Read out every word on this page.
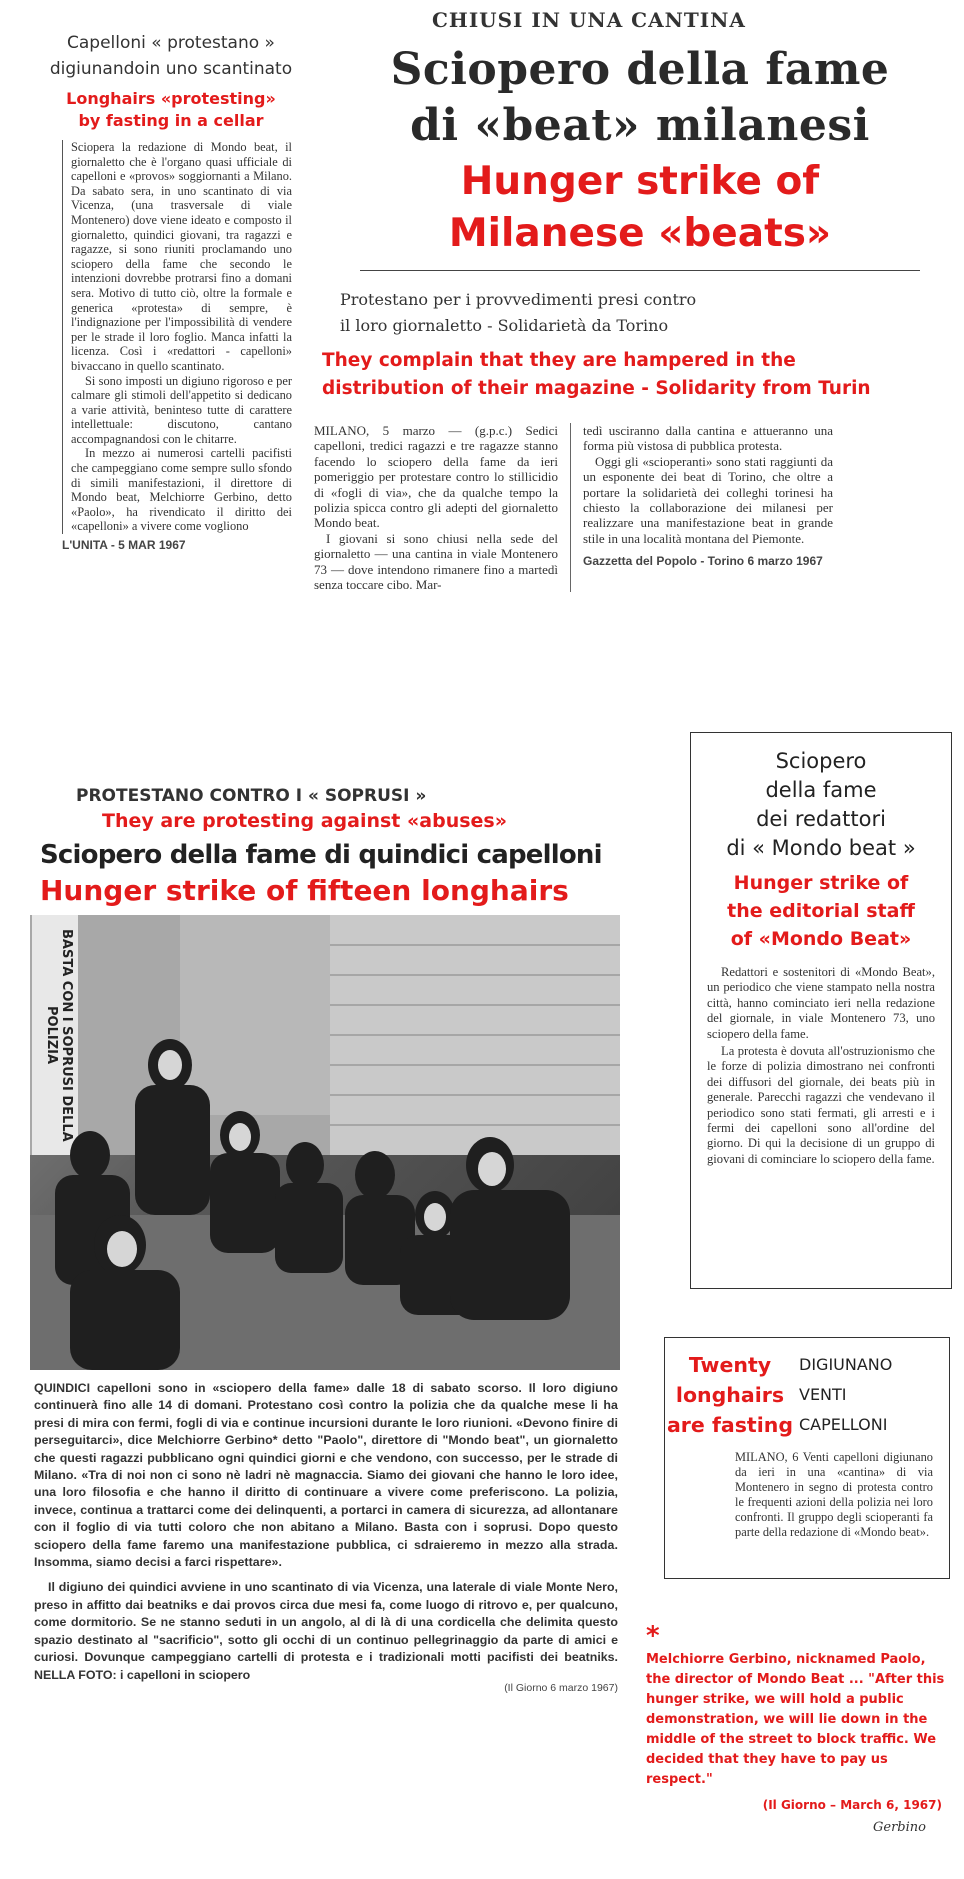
Capelloni « protestano »
digiunandoin uno scantinato
Longhairs «protesting»
by fasting in a cellar

Sciopera la redazione di Mondo beat, il giornaletto che è l'organo quasi ufficiale di capelloni e «provos» soggiornanti a Milano. Da sabato sera, in uno scantinato di via Vicenza, (una trasversale di viale Montenero) dove viene ideato e composto il giornaletto, quindici giovani, tra ragazzi e ragazze, si sono riuniti proclamando uno sciopero della fame che secondo le intenzioni dovrebbe protrarsi fino a domani sera. Motivo di tutto ciò, oltre la formale e generica «protesta» di sempre, è l'indignazione per l'impossibilità di vendere per le strade il loro foglio. Manca infatti la licenza. Così i «redattori - capelloni» bivaccano in quello scantinato.

Si sono imposti un digiuno rigoroso e per calmare gli stimoli dell'appetito si dedicano a varie attività, beninteso tutte di carattere intellettuale: discutono, cantano accompagnandosi con le chitarre.

In mezzo ai numerosi cartelli pacifisti che campeggiano come sempre sullo sfondo di simili manifestazioni, il direttore di Mondo beat, Melchiorre Gerbino, detto «Paolo», ha rivendicato il diritto dei «capelloni» a vivere come vogliono

L'UNITA - 5 MAR 1967
CHIUSI IN UNA CANTINA
Sciopero della fame
di «beat» milanesi
Hunger strike of
Milanese «beats»
Protestano per i provvedimenti presi contro
il loro giornaletto - Solidarietà da Torino
They complain that they are hampered in the
distribution of their magazine - Solidarity from Turin

MILANO, 5 marzo — (g.p.c.) Sedici capelloni, tredici ragazzi e tre ragazze stanno facendo lo sciopero della fame da ieri pomeriggio per protestare contro lo stillicidio di «fogli di via», che da qualche tempo la polizia spicca contro gli adepti del giornaletto Mondo beat.

I giovani si sono chiusi nella sede del giornaletto — una cantina in viale Montenero 73 — dove intendono rimanere fino a martedì senza toccare cibo. Mar-

tedì usciranno dalla cantina e attueranno una forma più vistosa di pubblica protesta.

Oggi gli «scioperanti» sono stati raggiunti da un esponente dei beat di Torino, che oltre a portare la solidarietà dei colleghi torinesi ha chiesto la collaborazione dei milanesi per realizzare una manifestazione beat in grande stile in una località montana del Piemonte.

Gazzetta del Popolo - Torino 6 marzo 1967
PROTESTANO CONTRO I « SOPRUSI »
They are protesting against «abuses»
Sciopero della fame di quindici capelloni
Hunger strike of fifteen longhairs
BASTA CON I SOPRUSI DELLA POLIZIA

QUINDICI capelloni sono in «sciopero della fame» dalle 18 di sabato scorso. Il loro digiuno continuerà fino alle 14 di domani. Protestano così contro la polizia che da qualche mese li ha presi di mira con fermi, fogli di via e continue incursioni durante le loro riunioni. «Devono finire di perseguitarci», dice Melchiorre Gerbino* detto "Paolo", direttore di "Mondo beat", un giornaletto che questi ragazzi pubblicano ogni quindici giorni e che vendono, con successo, per le strade di Milano. «Tra di noi non ci sono nè ladri nè magnaccia. Siamo dei giovani che hanno le loro idee, una loro filosofia e che hanno il diritto di continuare a vivere come preferiscono. La polizia, invece, continua a trattarci come dei delinquenti, a portarci in camera di sicurezza, ad allontanare con il foglio di via tutti coloro che non abitano a Milano. Basta con i soprusi. Dopo questo sciopero della fame faremo una manifestazione pubblica, ci sdraieremo in mezzo alla strada. Insomma, siamo decisi a farci rispettare».

Il digiuno dei quindici avviene in uno scantinato di via Vicenza, una laterale di viale Monte Nero, preso in affitto dai beatniks e dai provos circa due mesi fa, come luogo di ritrovo e, per qualcuno, come dormitorio. Se ne stanno seduti in un angolo, al di là di una cordicella che delimita questo spazio destinato al "sacrificio", sotto gli occhi di un continuo pellegrinaggio da parte di amici e curiosi. Dovunque campeggiano cartelli di protesta e i tradizionali motti pacifisti dei beatniks. NELLA FOTO: i capelloni in sciopero

(Il Giorno 6 marzo 1967)
Sciopero
della fame
dei redattori
di « Mondo beat »
Hunger strike of
the editorial staff
of «Mondo Beat»

Redattori e sostenitori di «Mondo Beat», un periodico che viene stampato nella nostra città, hanno cominciato ieri nella redazione del giornale, in viale Montenero 73, uno sciopero della fame.

La protesta è dovuta all'ostruzionismo che le forze di polizia dimostrano nei confronti dei diffusori del giornale, dei beats più in generale. Parecchi ragazzi che vendevano il periodico sono stati fermati, gli arresti e i fermi dei capelloni sono all'ordine del giorno. Di qui la decisione di un gruppo di giovani di cominciare lo sciopero della fame.

Twenty
longhairs
are fasting
DIGIUNANO
VENTI
CAPELLONI

MILANO, 6 Venti capelloni digiunano da ieri in una «cantina» di via Montenero in segno di protesta contro le frequenti azioni della polizia nei loro confronti. Il gruppo degli scioperanti fa parte della redazione di «Mondo beat».

*

Melchiorre Gerbino, nicknamed Paolo, the director of Mondo Beat ... "After this hunger strike, we will hold a public demonstration, we will lie down in the middle of the street to block traffic. We decided that they have to pay us respect."

(Il Giorno – March 6, 1967)
Gerbino
